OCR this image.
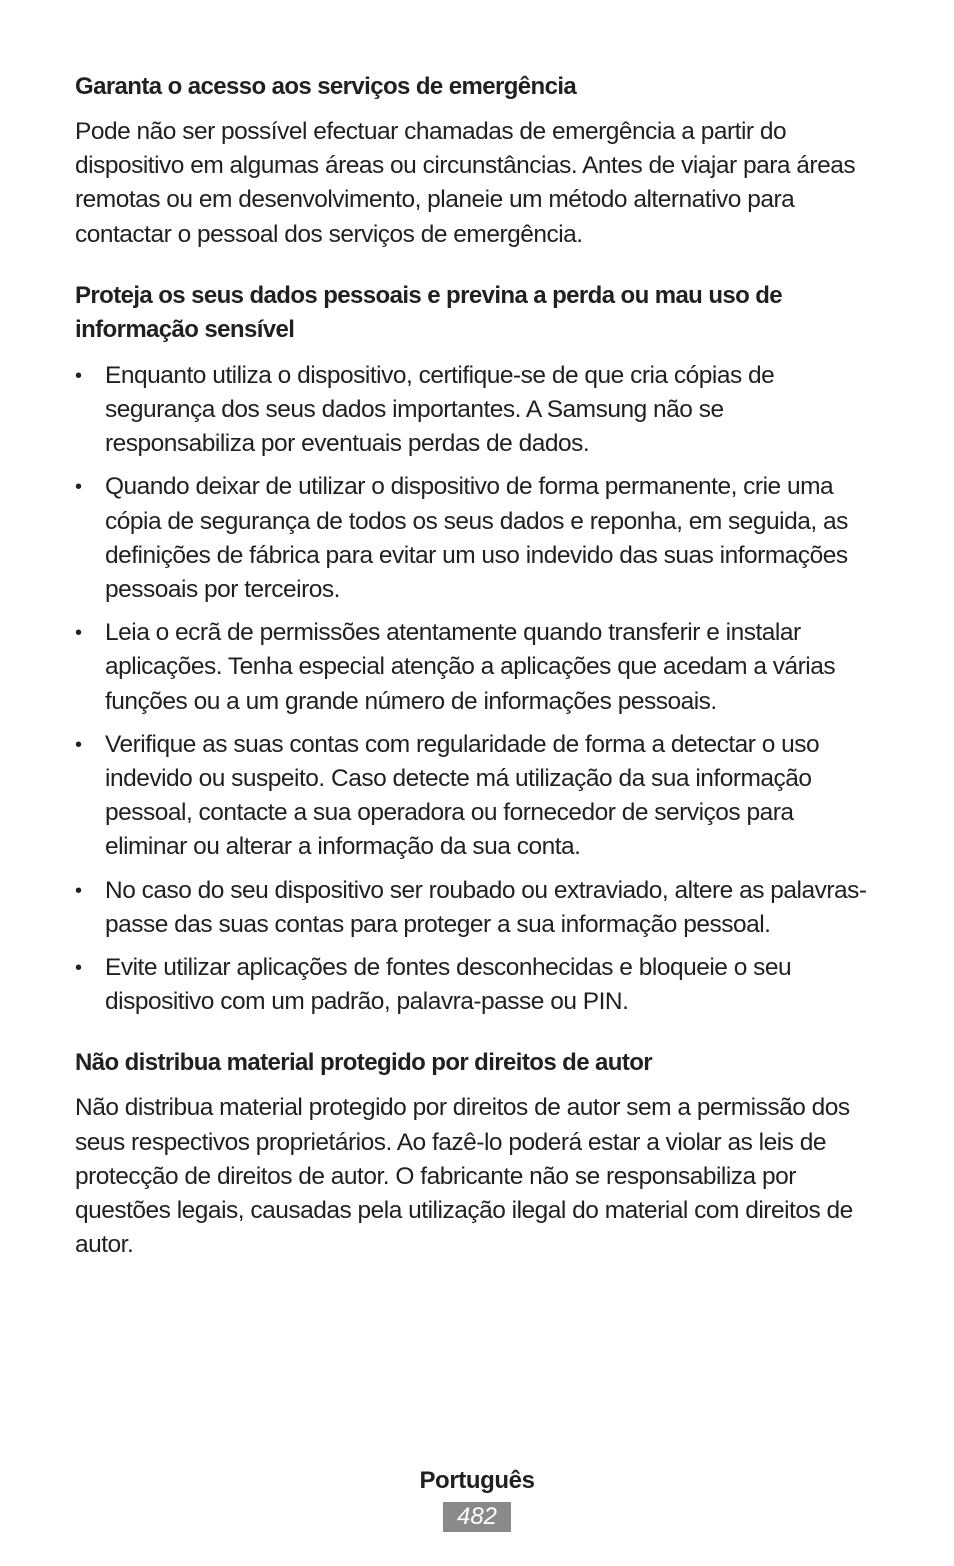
Garanta o acesso aos serviços de emergência

Pode não ser possível efectuar chamadas de emergência a partir do dispositivo em algumas áreas ou circunstâncias. Antes de viajar para áreas remotas ou em desenvolvimento, planeie um método alternativo para contactar o pessoal dos serviços de emergência.

Proteja os seus dados pessoais e previna a perda ou mau uso de informação sensível
• Enquanto utiliza o dispositivo, certifique-se de que cria cópias de segurança dos seus dados importantes. A Samsung não se responsabiliza por eventuais perdas de dados.
• Quando deixar de utilizar o dispositivo de forma permanente, crie uma cópia de segurança de todos os seus dados e reponha, em seguida, as definições de fábrica para evitar um uso indevido das suas informações pessoais por terceiros.
• Leia o ecrã de permissões atentamente quando transferir e instalar aplicações. Tenha especial atenção a aplicações que acedam a várias funções ou a um grande número de informações pessoais.
• Verifique as suas contas com regularidade de forma a detectar o uso indevido ou suspeito. Caso detecte má utilização da sua informação pessoal, contacte a sua operadora ou fornecedor de serviços para eliminar ou alterar a informação da sua conta.
• No caso do seu dispositivo ser roubado ou extraviado, altere as palavras-passe das suas contas para proteger a sua informação pessoal.
• Evite utilizar aplicações de fontes desconhecidas e bloqueie o seu dispositivo com um padrão, palavra-passe ou PIN.
Não distribua material protegido por direitos de autor

Não distribua material protegido por direitos de autor sem a permissão dos seus respectivos proprietários. Ao fazê-lo poderá estar a violar as leis de protecção de direitos de autor. O fabricante não se responsabiliza por questões legais, causadas pela utilização ilegal do material com direitos de autor.

Português
482
